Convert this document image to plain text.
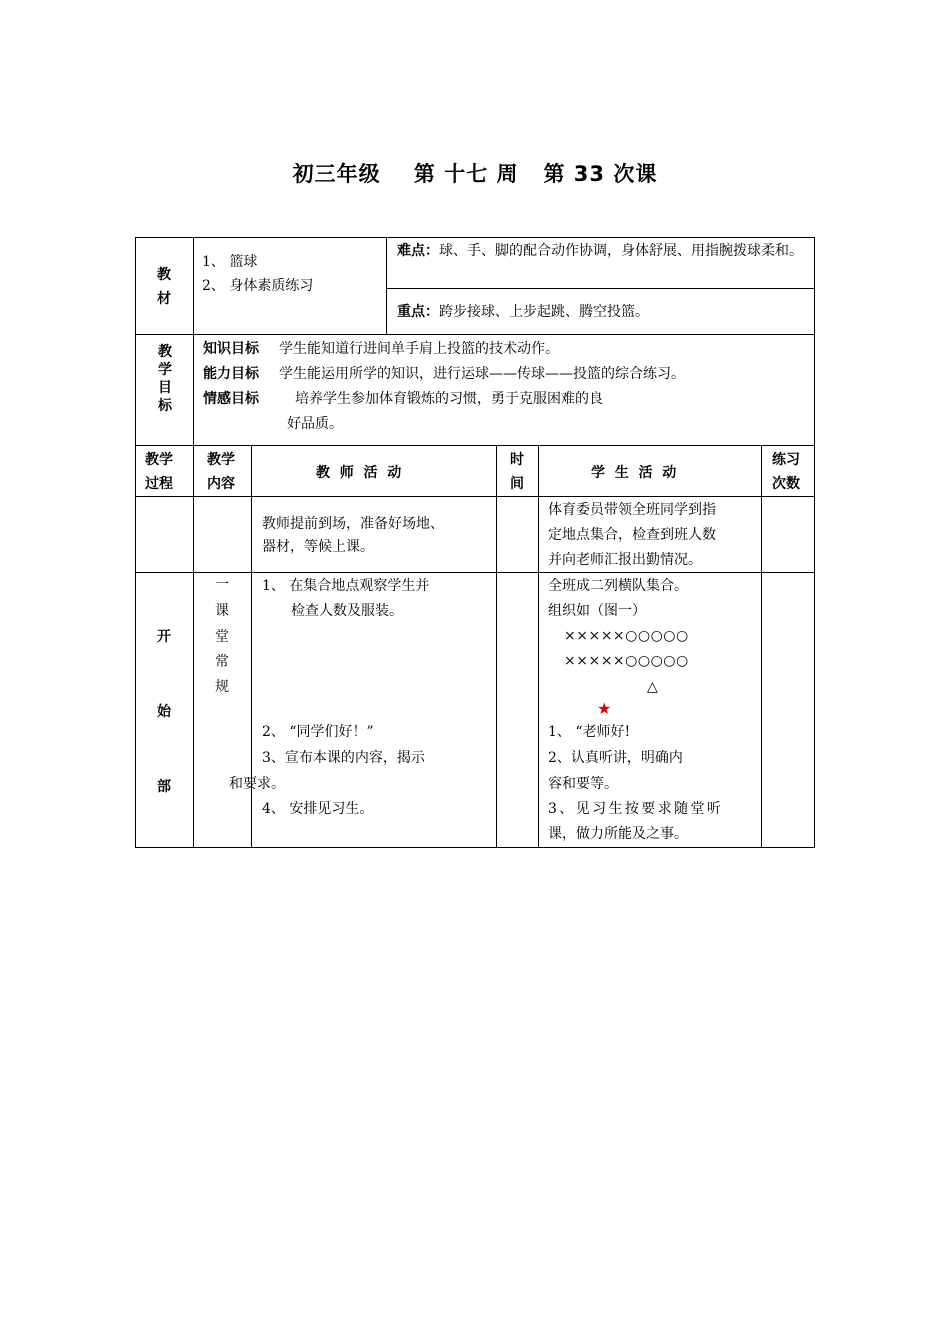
初三年级    第 十七 周   第 33 次课
教材
1、 篮球
2、 身体素质练习
难点：球、手、脚的配合动作协调，身体舒展、用指腕拨球柔和。
重点：跨步接球、上步起跳、腾空投篮。
教学目标
知识目标 学生能知道行进间单手肩上投篮的技术动作。
能力目标 学生能运用所学的知识，进行运球——传球——投篮的综合练习。
情感目标	培养学生参加体育锻炼的习惯，勇于克服困难的良
好品质。
教学
过程
教学
内容
教  师  活  动
时
间
学  生  活  动
练习
次数
教师提前到场，准备好场地、
器材，等候上课。
体育委员带领全班同学到指
定地点集合，检查到班人数
并向老师汇报出勤情况。
开
始
部
一
课
堂
常
规
1、 在集合地点观察学生并
检查人数及服装。
2、 “同学们好！”
3、宣布本课的内容，揭示
和要求。
4、 安排见习生。
全班成二列横队集合。
组织如（图一）
×××××○○○○○
×××××○○○○○
△
★
1、 “老师好!
2、认真听讲，明确内
容和要等。
3、见习生按要求随堂听
课，做力所能及之事。
